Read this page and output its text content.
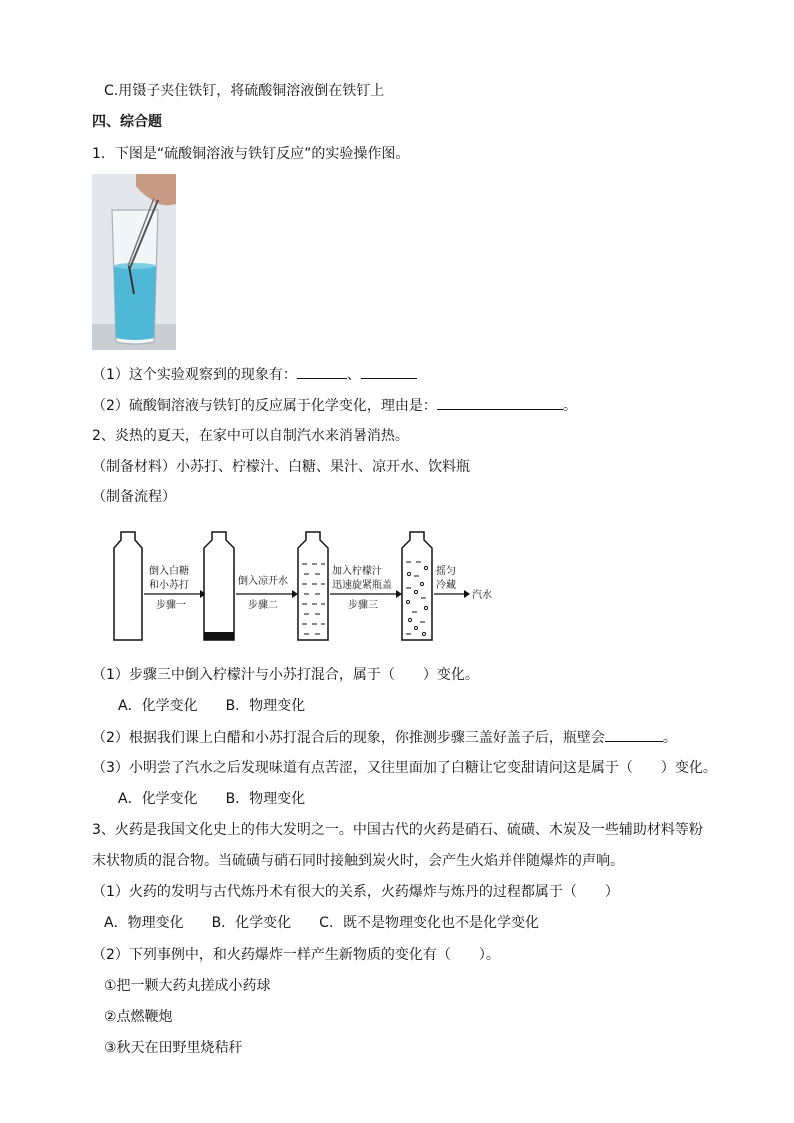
C.用镊子夹住铁钉，将硫酸铜溶液倒在铁钉上
四、综合题
1．下图是“硫酸铜溶液与铁钉反应”的实验操作图。
（1）这个实验观察到的现象有：	、
（2）硫酸铜溶液与铁钉的反应属于化学变化，理由是：	。
2、炎热的夏天，在家中可以自制汽水来消暑消热。
（制备材料）小苏打、柠檬汁、白糖、果汁、凉开水、饮料瓶
（制备流程）
倒入白糖
和小苏打
步骤一
倒入凉开水
步骤二
加入柠檬汁
迅速旋紧瓶盖
步骤三
摇匀
冷藏
汽水
（1）步骤三中倒入柠檬汁与小苏打混合，属于（　　）变化。
A．化学变化　　B．物理变化
（2）根据我们课上白醋和小苏打混合后的现象，你推测步骤三盖好盖子后，瓶壁会	。
（3）小明尝了汽水之后发现味道有点苦涩，又往里面加了白糖让它变甜请问这是属于（　　）变化。
A．化学变化　　B．物理变化
3、火药是我国文化史上的伟大发明之一。中国古代的火药是硝石、硫磺、木炭及一些辅助材料等粉
末状物质的混合物。当硫磺与硝石同时接触到炭火时，会产生火焰并伴随爆炸的声响。
（1）火药的发明与古代炼丹术有很大的关系，火药爆炸与炼丹的过程都属于（　　）
A．物理变化　　B．化学变化　　C．既不是物理变化也不是化学变化
（2）下列事例中，和火药爆炸一样产生新物质的变化有（　　）。
①把一颗大药丸搓成小药球
②点燃鞭炮
③秋天在田野里烧秸秆
